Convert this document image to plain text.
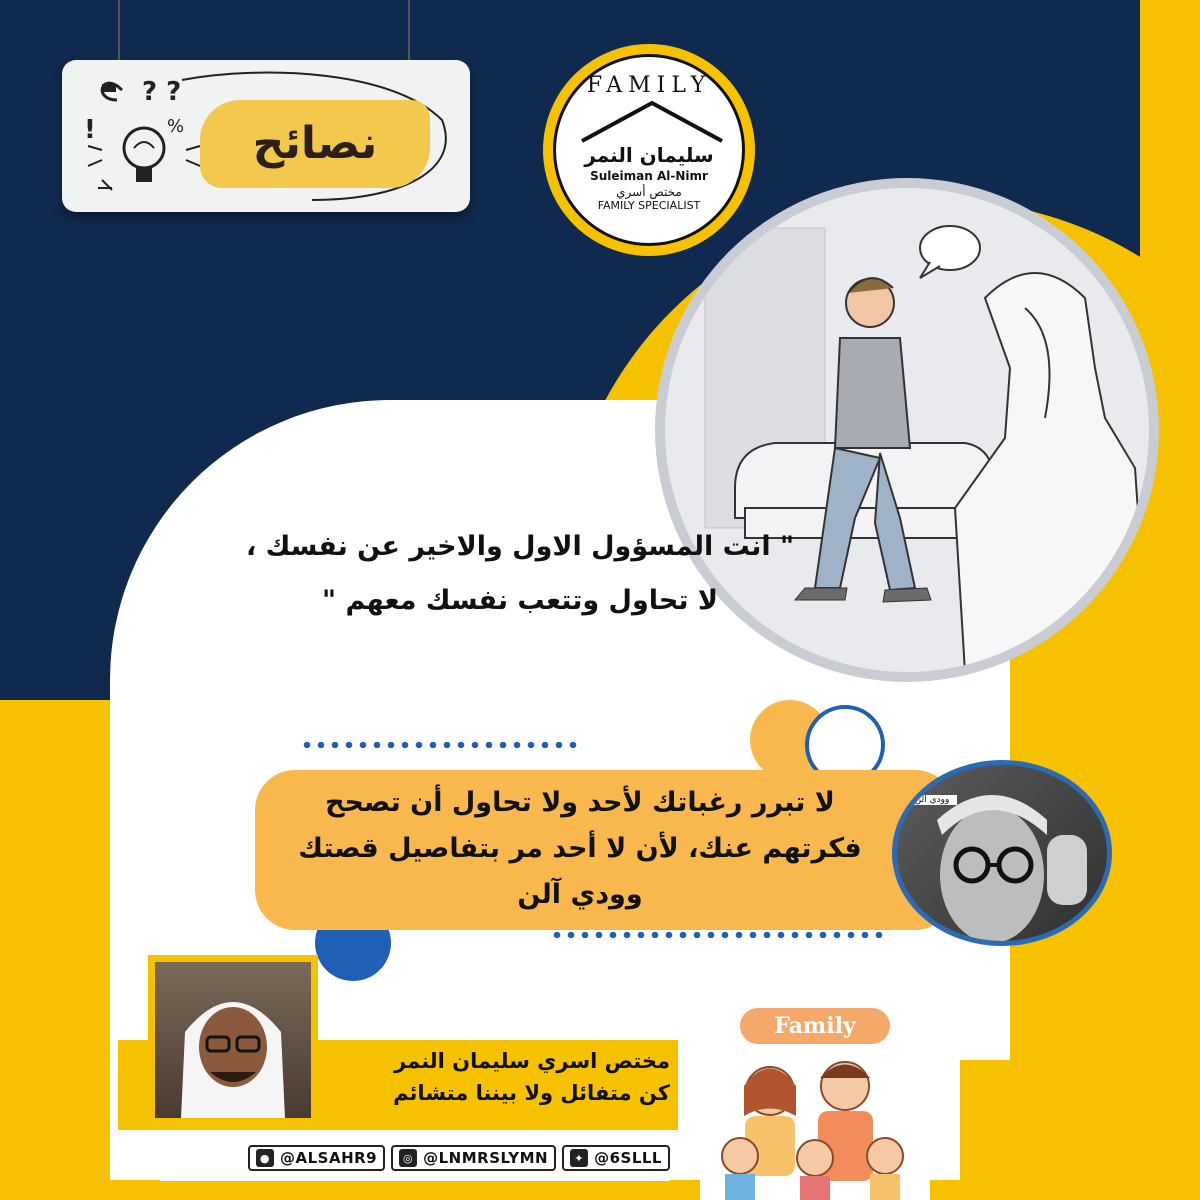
? ?
%
!	نصائح
FAMILY
سليمان النمر
Suleiman Al-Nimr
مختص أسري
FAMILY SPECIALIST
" انت المسؤول الاول والاخير عن نفسك ،
لا تحاول وتتعب نفسك معهم "
لا تبرر رغباتك لأحد ولا تحاول أن تصحح
فكرتهم عنك، لأن لا أحد مر بتفاصيل قصتك
وودي آلن
وودي الن
مختص اسري سليمان النمر
كن متفائل ولا بيننا متشائم
● @ALSAHR9	◎ @LNMRSLYMN	✦ @6SLLL
Family
